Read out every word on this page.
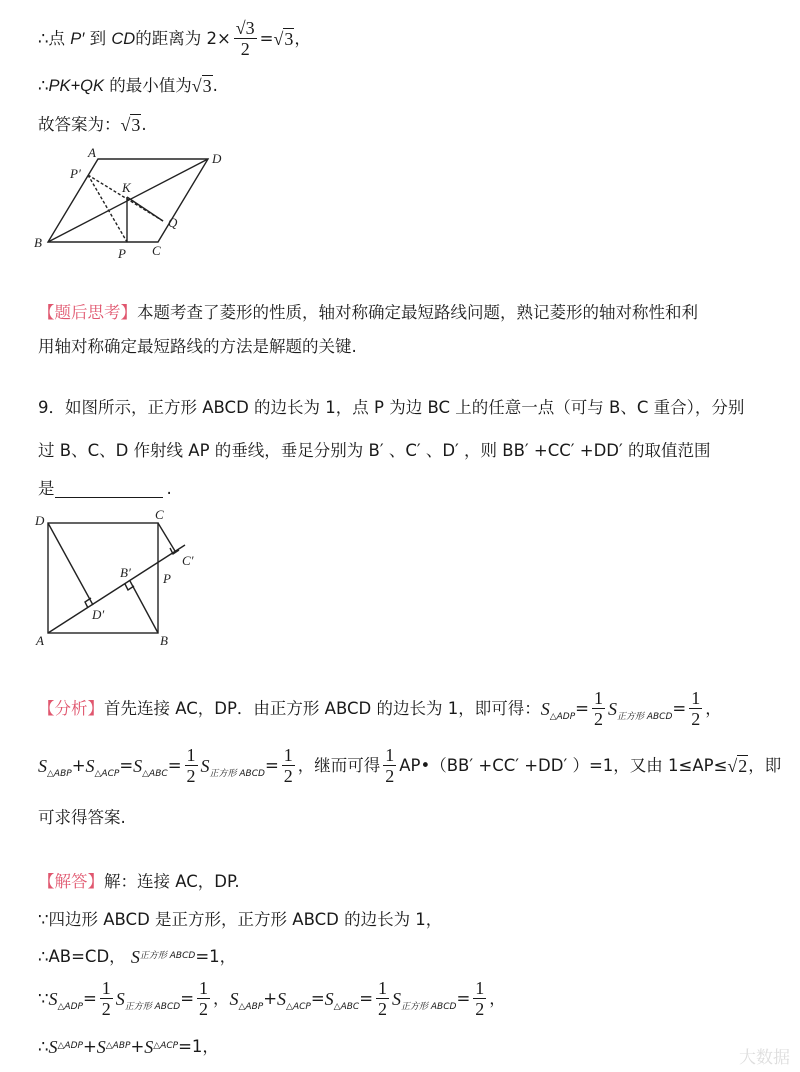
∴点
P′
到
CD 的距离为 $2\times \frac{√3}{2} = √3$ ，
∴ PK+QK
的最小值为 √3 .
故答案为： √3 .
A	D
P′
K
Q
B
P C
【题后思考】 本题考查了菱形的性质，轴对称确定最短路线问题，熟记菱形的轴对称性和利
用轴对称确定最短路线的方法是解题的关键.
9．如图所示，正方形 ABCD 的边长为 1，点 P 为边 BC 上的任意一点（可与 B、C 重合），分别
过 B、C、D 作射线 AP 的垂线，垂足分别为 B′ 、C′ 、D′ ，则 BB′ +CC′ +DD′ 的取值范围
是	.
D	C
C′
B′ P
D′
A	B
【分析】 首先连接 AC，DP．由正方形 ABCD 的边长为 1，即可得： S △ADP = $\frac{1}{2}$ S 正方形 ABCD = $\frac{1}{2}$ ，
S △ABP + S △ACP = S △ABC = $\frac{1}{2}$ S 正方形 ABCD = $\frac{1}{2}$ ，继而可得 $\frac{1}{2}$ AP•（BB′ +CC′ +DD′ ）=1，又由 1≤AP≤ √2 ，即
可求得答案.
【解答】 解：连接 AC，DP.
∵四边形 ABCD 是正方形，正方形 ABCD 的边长为 1，
∴AB=CD，
S 正方形 ABCD =1，
∵ S △ADP = $\frac{1}{2}$ S 正方形 ABCD = $\frac{1}{2}$ ， S △ABP + S △ACP = S △ABC = $\frac{1}{2}$ S 正方形 ABCD = $\frac{1}{2}$ ，
∴ S △ADP + S △ABP + S △ACP =1，
大数据
